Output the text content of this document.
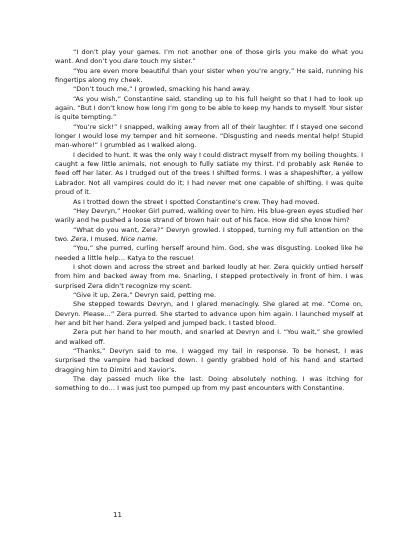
“I don’t play your games. I’m not another one of those girls you make do what you want. And don’t you dare touch my sister.”

“You are even more beautiful than your sister when you’re angry,” He said, running his fingertips along my cheek.

“Don’t touch me,” I growled, smacking his hand away.

“As you wish,” Constantine said, standing up to his full height so that I had to look up again. “But I don’t know how long I’m gong to be able to keep my hands to myself. Your sister is quite tempting.”

“You’re sick!” I snapped, walking away from all of their laughter. If I stayed one second longer I would lose my temper and hit someone. “Disgusting and needs mental help! Stupid man-whore!” I grumbled as I walked along.

I decided to hunt. It was the only way I could distract myself from my boiling thoughts. I caught a few little animals, not enough to fully satiate my thirst. I’d probably ask Renée to feed off her later. As I trudged out of the trees I shifted forms. I was a shapeshifter, a yellow Labrador. Not all vampires could do it; I had never met one capable of shifting. I was quite proud of it.

As I trotted down the street I spotted Constantine’s crew. They had moved.

“Hey Devryn,” Hooker Girl purred, walking over to him. His blue-green eyes studied her warily and he pushed a loose strand of brown hair out of his face. How did she know him?

“What do you want, Zera?” Devryn growled. I stopped, turning my full attention on the two. Zera, I mused. Nice name.

“You,” she purred, curling herself around him. God, she was disgusting. Looked like he needed a little help… Katya to the rescue!

I shot down and across the street and barked loudly at her. Zera quickly untied herself from him and backed away from me. Snarling, I stepped protectively in front of him. I was surprised Zera didn’t recognize my scent.

“Give it up, Zera,” Devryn said, petting me.

She stepped towards Devryn, and I glared menacingly. She glared at me. “Come on, Devryn. Please…” Zera purred. She started to advance upon him again. I launched myself at her and bit her hand. Zera yelped and jumped back. I tasted blood.

Zera put her hand to her mouth, and snarled at Devryn and I. “You wait,” she growled and walked off.

“Thanks,” Devryn said to me. I wagged my tail in response. To be honest, I was surprised the vampire had backed down. I gently grabbed hold of his hand and started dragging him to Dimitri and Xavior’s.

The day passed much like the last. Doing absolutely nothing. I was itching for something to do… I was just too pumped up from my past encounters with Constantine.

11
